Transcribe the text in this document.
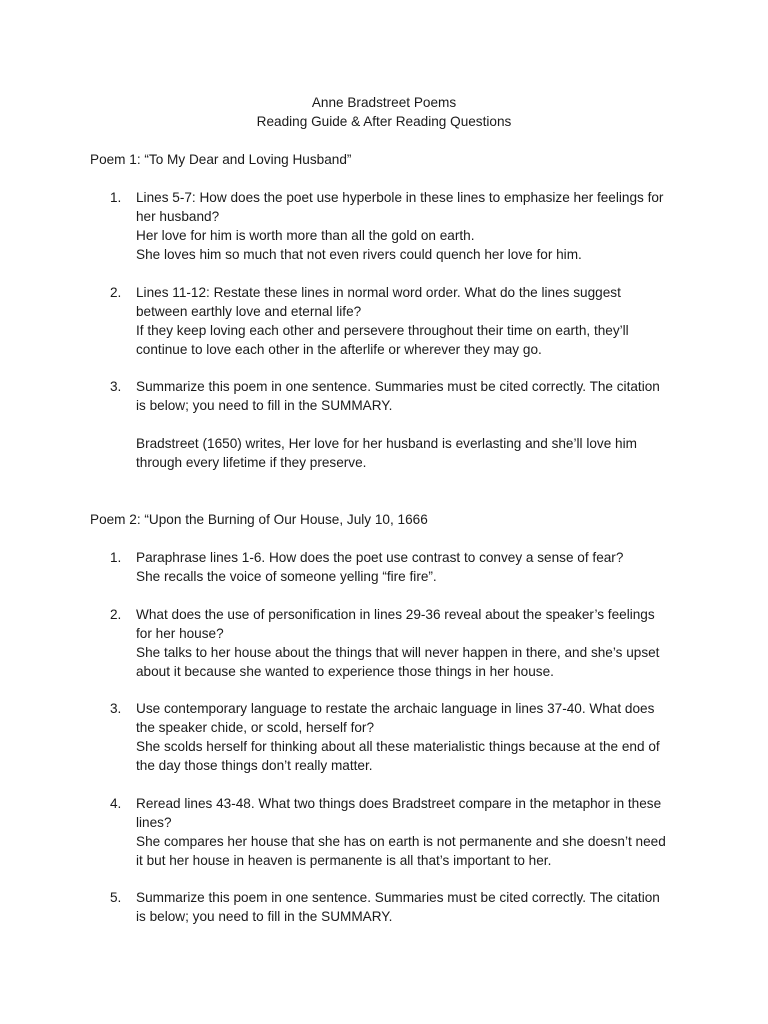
Anne Bradstreet Poems
Reading Guide & After Reading Questions
Poem 1: “To My Dear and Loving Husband”
1.	Lines 5-7: How does the poet use hyperbole in these lines to emphasize her feelings for
her husband?
Her love for him is worth more than all the gold on earth.
She loves him so much that not even rivers could quench her love for him.
2.	Lines 11-12: Restate these lines in normal word order. What do the lines suggest
between earthly love and eternal life?
If they keep loving each other and persevere throughout their time on earth, they’ll
continue to love each other in the afterlife or wherever they may go.
3.	Summarize this poem in one sentence. Summaries must be cited correctly. The citation
is below; you need to fill in the SUMMARY.
Bradstreet (1650) writes, Her love for her husband is everlasting and she’ll love him
through every lifetime if they preserve.
Poem 2: “Upon the Burning of Our House, July 10, 1666
1.	Paraphrase lines 1-6. How does the poet use contrast to convey a sense of fear?
She recalls the voice of someone yelling “fire fire”.
2.	What does the use of personification in lines 29-36 reveal about the speaker’s feelings
for her house?
She talks to her house about the things that will never happen in there, and she’s upset
about it because she wanted to experience those things in her house.
3.	Use contemporary language to restate the archaic language in lines 37-40. What does
the speaker chide, or scold, herself for?
She scolds herself for thinking about all these materialistic things because at the end of
the day those things don’t really matter.
4.	Reread lines 43-48. What two things does Bradstreet compare in the metaphor in these
lines?
She compares her house that she has on earth is not permanente and she doesn’t need
it but her house in heaven is permanente is all that’s important to her.
5.	Summarize this poem in one sentence. Summaries must be cited correctly. The citation
is below; you need to fill in the SUMMARY.
